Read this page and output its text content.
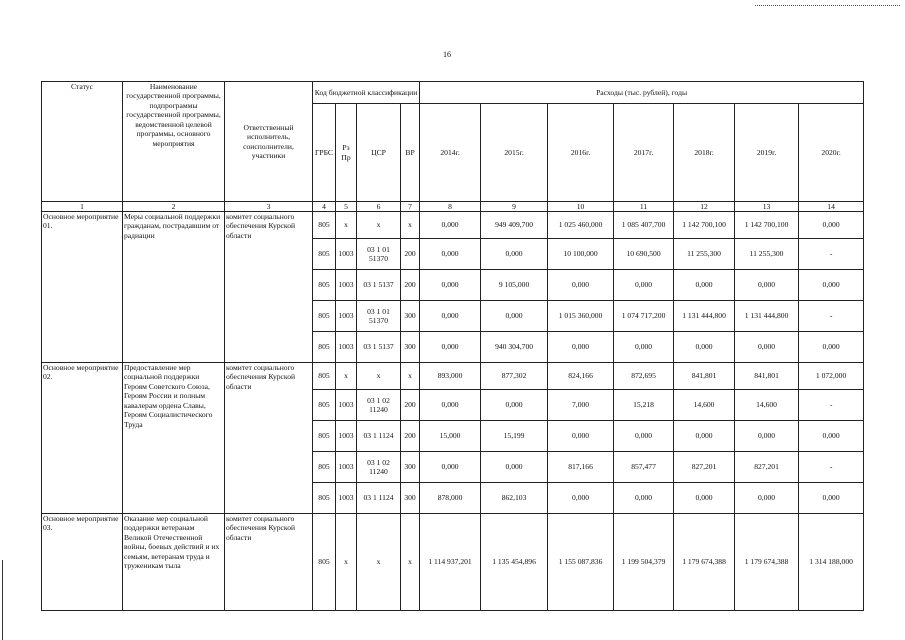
16
Статус	Наименование государственной программы, подпрограммы государственной программы, ведомственной целевой программы, основного мероприятия	Ответственный исполнитель, соисполнители, участники	Код бюджетной классификации				Расходы (тыс. рублей), годы						
			ГРБС	Рз Пр	ЦСР	ВР	2014г.	2015г.	2016г.	2017г.	2018г.	2019г.	2020г.
1	2	3	4	5	6	7	8	9	10	11	12	13	14
Основное мероприятие 01.	Меры социальной поддержки гражданам, пострадавшим от радиации	комитет социального обеспечения Курской области	805	х	х	х	0,000	949 409,700	1 025 460,000	1 085 407,700	1 142 700,100	1 142 700,100	0,000
			805	1003	03 1 01 51370	200	0,000	0,000	10 100,000	10 690,500	11 255,300	11 255,300	-
			805	1003	03 1 5137	200	0,000	9 105,000	0,000	0,000	0,000	0,000	0,000
			805	1003	03 1 01 51370	300	0,000	0,000	1 015 360,000	1 074 717,200	1 131 444,800	1 131 444,800	-
			805	1003	03 1 5137	300	0,000	940 304,700	0,000	0,000	0,000	0,000	0,000
Основное мероприятие 02.	Предоставление мер социальной поддержки Героям Советского Союза, Героям России и полным кавалерам ордена Славы, Героям Социалистического Труда	комитет социального обеспечения Курской области	805	х	х	х	893,000	877,302	824,166	872,695	841,801	841,801	1 072,000
			805	1003	03 1 02 11240	200	0,000	0,000	7,000	15,218	14,600	14,600	-
			805	1003	03 1 1124	200	15,000	15,199	0,000	0,000	0,000	0,000	0,000
			805	1003	03 1 02 11240	300	0,000	0,000	817,166	857,477	827,201	827,201	-
			805	1003	03 1 1124	300	878,000	862,103	0,000	0,000	0,000	0,000	0,000
Основное мероприятие 03.	Оказание мер социальной поддержки ветеранам Великой Отечественной войны, боевых действий и их семьям, ветеранам труда и труженикам тыла	комитет социального обеспечения Курской области	805	х	х	х	1 114 937,201	1 135 454,896	1 155 087,836	1 199 504,379	1 179 674,388	1 179 674,388	1 314 188,000
